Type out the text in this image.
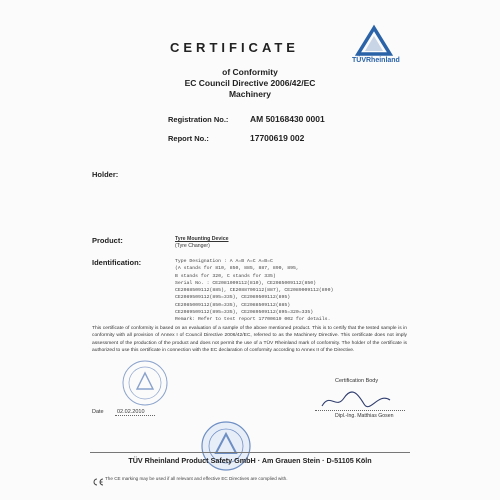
CERTIFICATE
TÜVRheinland
of Conformity
EC Council Directive 2006/42/EC
Machinery
Registration No.:	AM 50168430 0001
Report No.:	17700619 002
Holder:
Product:	Tyre Mounting Device
(Tyre Changer)
Identification:	Type Designation : A A=B A=C A=B=C
(A stands for 810, 850, 885, 887, 890, 895,
B stands for 320, C stands for 335)
Serial No. : CE2081009112(810), CE2085009112(850)
CE2088509112(885), CE2088709112(887), CE2089009112(890)
CE2089509112(895=335), CE2089509112(895)
CE2085009112(850=335), CE2088509112(885)
CE2089509112(895=335), CE2089509112(895=320=335)
Remark: Refer to test report 17700619 002 for details.
This certificate of conformity is based on an evaluation of a sample of the above mentioned product. This is to certify that the tested sample is in conformity with all provision of Annex I of Council Directive 2006/42/EC, referred to as the Machinery Directive. This certificate does not imply assessment of the production of the product and does not permit the use of a TÜV Rheinland mark of conformity. The holder of the certificate is authorized to use this certificate in connection with the EC declaration of conformity according to Annex II of the Directive.
Certification Body
Dipl.-Ing. Matthias Gosen
Date 02.02.2010
TÜV Rheinland Product Safety GmbH · Am Grauen Stein · D-51105 Köln
The CE marking may be used if all relevant and effective EC Directives are complied with.
